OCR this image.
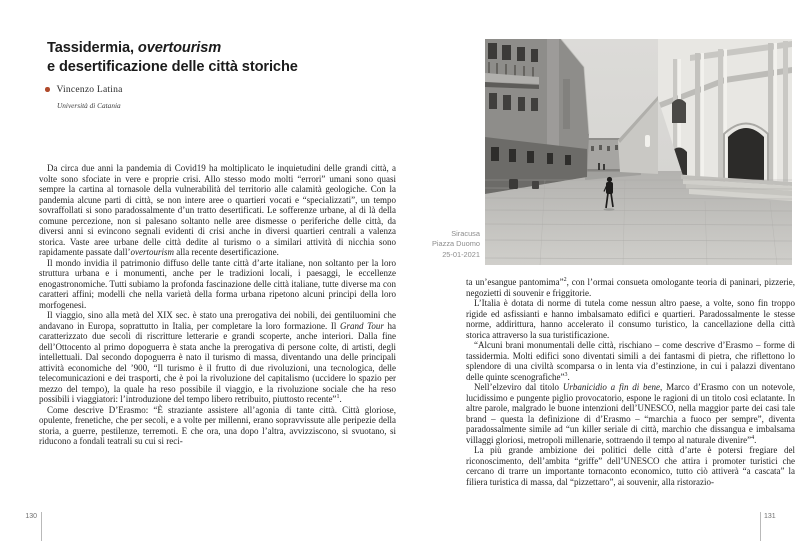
Tassidermia, overtourism
e desertificazione delle città storiche
Vincenzo Latina
Università di Catania

Da circa due anni la pandemia di Covid19 ha moltiplicato le inquietudini delle grandi città, a volte sono sfociate in vere e proprie crisi. Allo stesso modo molti “errori” umani sono quasi sempre la cartina al tornasole della vulnerabilità del territorio alle calamità geologiche. Con la pandemia alcune parti di città, se non intere aree o quartieri vocati e “specializzati”, un tempo sovraffollati si sono paradossalmente d’un tratto desertificati. Le sofferenze urbane, al di là della comune percezione, non si palesano soltanto nelle aree dismesse o periferiche delle città, da diversi anni si evincono segnali evidenti di crisi anche in diversi quartieri centrali a valenza storica. Vaste aree urbane delle città dedite al turismo o a similari attività di nicchia sono rapidamente passate dall’overtourism alla recente desertificazione.

Il mondo invidia il patrimonio diffuso delle tante città d’arte italiane, non soltanto per la loro struttura urbana e i monumenti, anche per le tradizioni locali, i paesaggi, le eccellenze enogastronomiche. Tutti subiamo la profonda fascinazione delle città italiane, tutte diverse ma con caratteri affini; modelli che nella varietà della forma urbana ripetono alcuni principi della loro morfogenesi.

Il viaggio, sino alla metà del XIX sec. è stato una prerogativa dei nobili, dei gentiluomini che andavano in Europa, soprattutto in Italia, per completare la loro formazione. Il Grand Tour ha caratterizzato due secoli di riscritture letterarie e grandi scoperte, anche interiori. Dalla fine dell’Ottocento al primo dopoguerra è stata anche la prerogativa di persone colte, di artisti, degli intellettuali. Dal secondo dopoguerra è nato il turismo di massa, diventando una delle principali attività economiche del ’900, “Il turismo è il frutto di due rivoluzioni, una tecnologica, delle telecomunicazioni e dei trasporti, che è poi la rivoluzione del capitalismo (uccidere lo spazio per mezzo del tempo), la quale ha reso possibile il viaggio, e la rivoluzione sociale che ha reso possibili i viaggiatori: l’introduzione del tempo libero retribuito, piuttosto recente”$^1$.

Come descrive D’Erasmo: “È straziante assistere all’agonia di tante città. Città gloriose, opulente, frenetiche, che per secoli, e a volte per millenni, erano sopravvissute alle peripezie della storia, a guerre, pestilenze, terremoti. E che ora, una dopo l’altra, avvizziscono, si svuotano, si riducono a fondali teatrali su cui si reci-

130
Siracusa
Piazza Duomo
25-01-2021

ta un’esangue pantomima”$^2$, con l’ormai consueta omologante teoria di paninari, pizzerie, negozietti di souvenir e friggitorie.

L’Italia è dotata di norme di tutela come nessun altro paese, a volte, sono fin troppo rigide ed asfissianti e hanno imbalsamato edifici e quartieri. Paradossalmente le stesse norme, addirittura, hanno accelerato il consumo turistico, la cancellazione della città storica attraverso la sua turistificazione.

“Alcuni brani monumentali delle città, rischiano – come descrive d’Erasmo – forme di tassidermia. Molti edifici sono diventati simili a dei fantasmi di pietra, che riflettono lo splendore di una civiltà scomparsa o in lenta via d’estinzione, in cui i palazzi diventano delle quinte scenografiche”$^3$.

Nell’elzeviro dal titolo Urbanicidio a fin di bene, Marco d’Erasmo con un notevole, lucidissimo e pungente piglio provocatorio, espone le ragioni di un titolo così eclatante. In altre parole, malgrado le buone intenzioni dell’UNESCO, nella maggior parte dei casi tale brand – questa la definizione di d’Erasmo – “marchia a fuoco per sempre”, diventa paradossalmente simile ad “un killer seriale di città, marchio che dissangua e imbalsama villaggi gloriosi, metropoli millenarie, sottraendo il tempo al naturale divenire”$^4$.

La più grande ambizione dei politici delle città d’arte è potersi fregiare del riconoscimento, dell’ambita “griffe” dell’UNESCO che attira i promoter turistici che cercano di trarre un importante tornaconto economico, tutto ciò attiverà “a cascata” la filiera turistica di massa, dal “pizzettaro”, ai souvenir, alla ristorazio-

131
